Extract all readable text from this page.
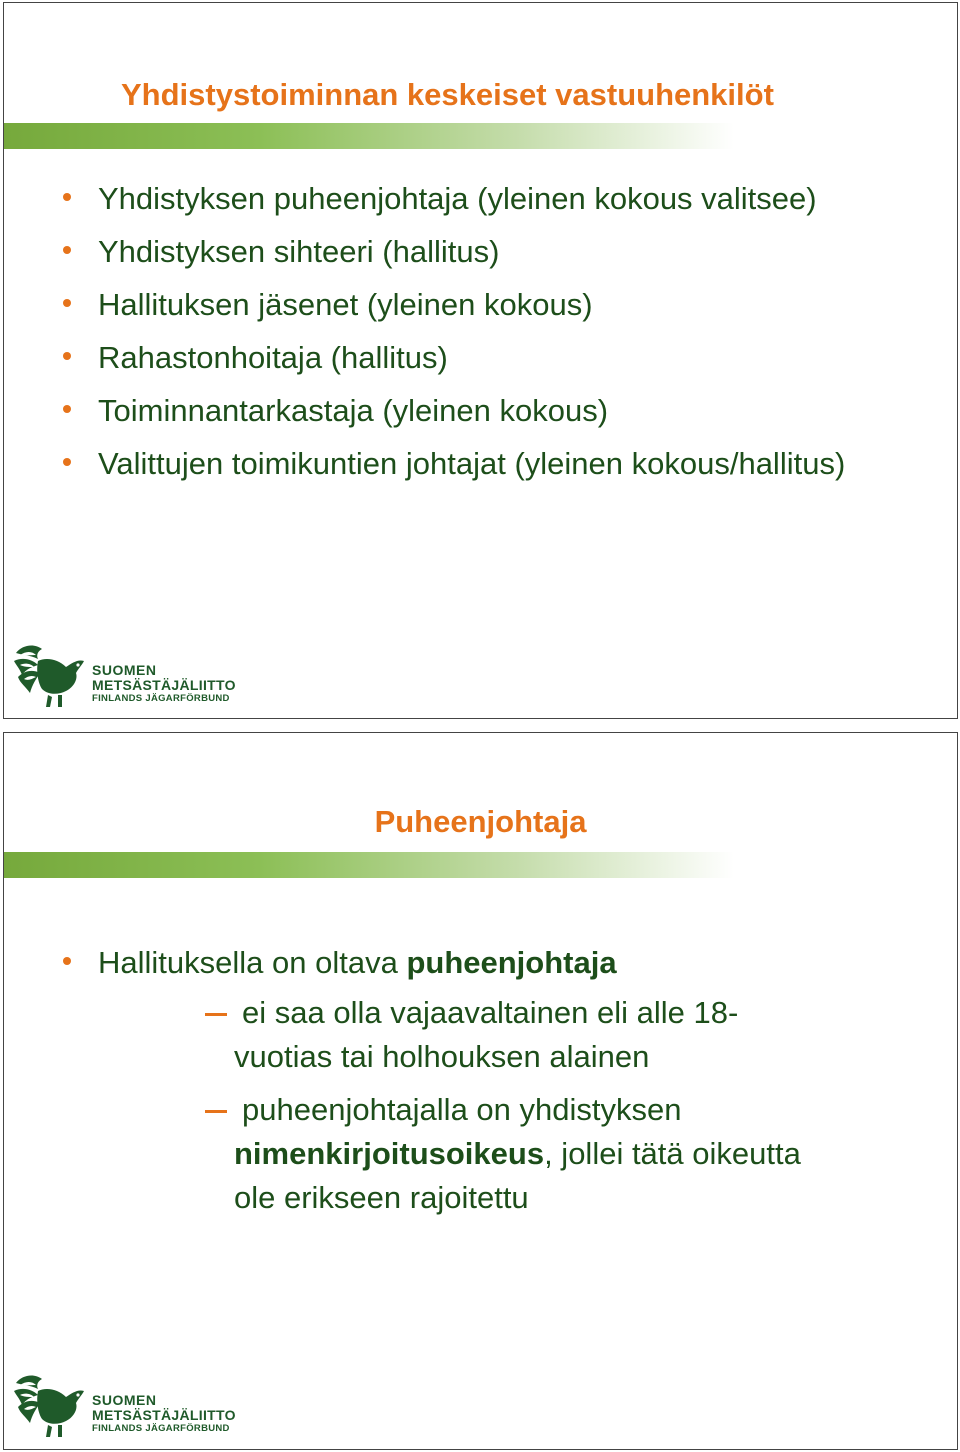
Yhdistystoiminnan keskeiset vastuuhenkilöt
Yhdistyksen puheenjohtaja (yleinen kokous valitsee)
Yhdistyksen sihteeri (hallitus)
Hallituksen jäsenet (yleinen kokous)
Rahastonhoitaja (hallitus)
Toiminnantarkastaja (yleinen kokous)
Valittujen toimikuntien johtajat (yleinen kokous/hallitus)
SUOMEN
METSÄSTÄJÄLIITTO
FINLANDS JÄGARFÖRBUND
Puheenjohtaja
Hallituksella on oltava puheenjohtaja
ei saa olla vajaavaltainen eli alle 18-vuotias tai holhouksen alainen
puheenjohtajalla on yhdistyksen nimenkirjoitusoikeus, jollei tätä oikeutta ole erikseen rajoitettu
SUOMEN
METSÄSTÄJÄLIITTO
FINLANDS JÄGARFÖRBUND
